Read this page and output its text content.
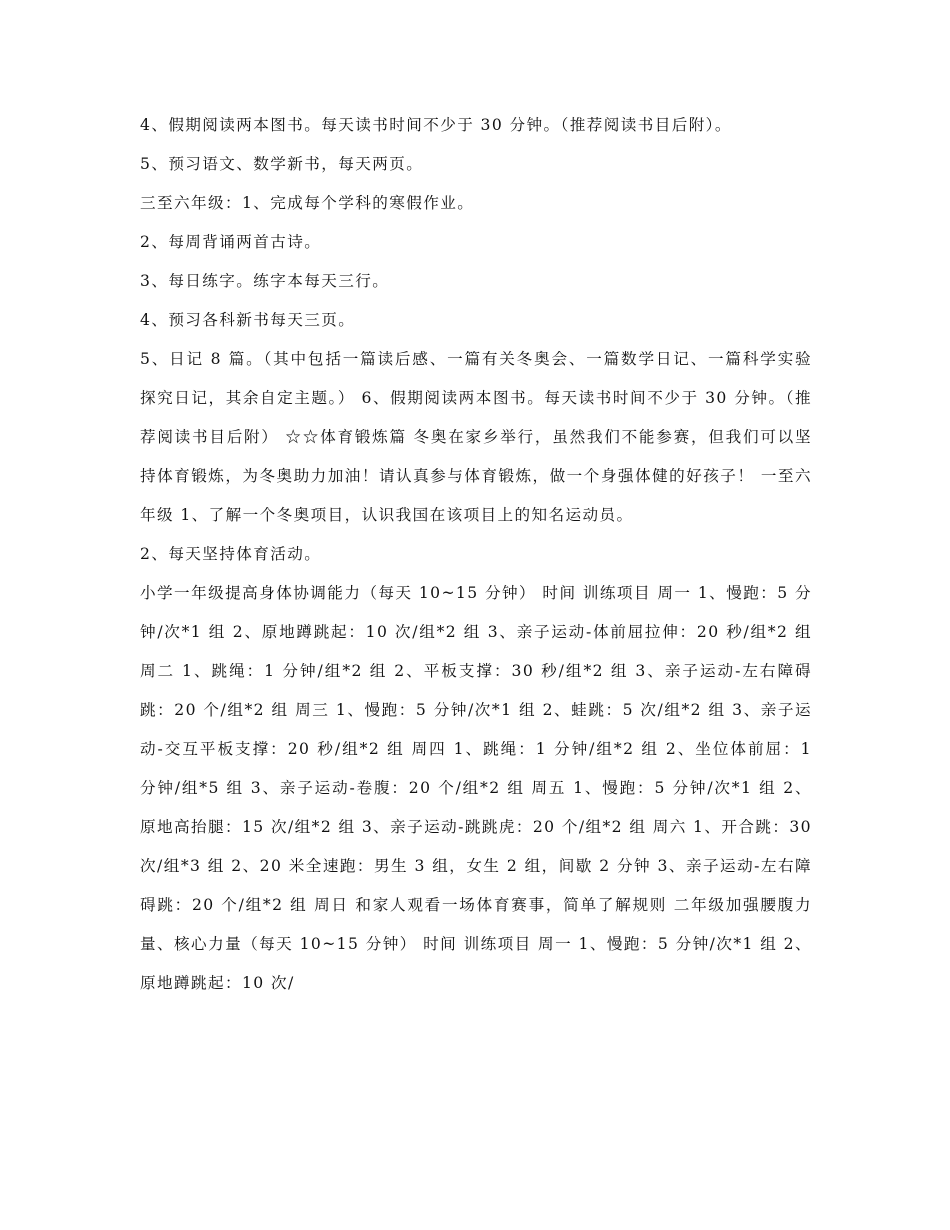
4、假期阅读两本图书。每天读书时间不少于 30 分钟。（推荐阅读书目后附）。

5、预习语文、数学新书，每天两页。

三至六年级：1、完成每个学科的寒假作业。

2、每周背诵两首古诗。

3、每日练字。练字本每天三行。

4、预习各科新书每天三页。

5、日记 8 篇。（其中包括一篇读后感、一篇有关冬奥会、一篇数学日记、一篇科学实验探究日记，其余自定主题。） 6、假期阅读两本图书。每天读书时间不少于 30 分钟。（推荐阅读书目后附） ☆☆体育锻炼篇 冬奥在家乡举行，虽然我们不能参赛，但我们可以坚持体育锻炼，为冬奥助力加油！请认真参与体育锻炼，做一个身强体健的好孩子！ 一至六年级 1、了解一个冬奥项目，认识我国在该项目上的知名运动员。

2、每天坚持体育活动。

小学一年级提高身体协调能力（每天 10~15 分钟） 时间 训练项目 周一 1、慢跑：5 分钟/次*1 组 2、原地蹲跳起：10 次/组*2 组 3、亲子运动-体前屈拉伸：20 秒/组*2 组 周二 1、跳绳：1 分钟/组*2 组 2、平板支撑：30 秒/组*2 组 3、亲子运动-左右障碍跳：20 个/组*2 组 周三 1、慢跑：5 分钟/次*1 组 2、蛙跳：5 次/组*2 组 3、亲子运动-交互平板支撑：20 秒/组*2 组 周四 1、跳绳：1 分钟/组*2 组 2、坐位体前屈：1 分钟/组*5 组 3、亲子运动-卷腹：20 个/组*2 组 周五 1、慢跑：5 分钟/次*1 组 2、原地高抬腿：15 次/组*2 组 3、亲子运动-跳跳虎：20 个/组*2 组 周六 1、开合跳：30 次/组*3 组 2、20 米全速跑：男生 3 组，女生 2 组，间歇 2 分钟 3、亲子运动-左右障碍跳：20 个/组*2 组 周日 和家人观看一场体育赛事，简单了解规则 二年级加强腰腹力量、核心力量（每天 10~15 分钟） 时间 训练项目 周一 1、慢跑：5 分钟/次*1 组 2、原地蹲跳起：10 次/
